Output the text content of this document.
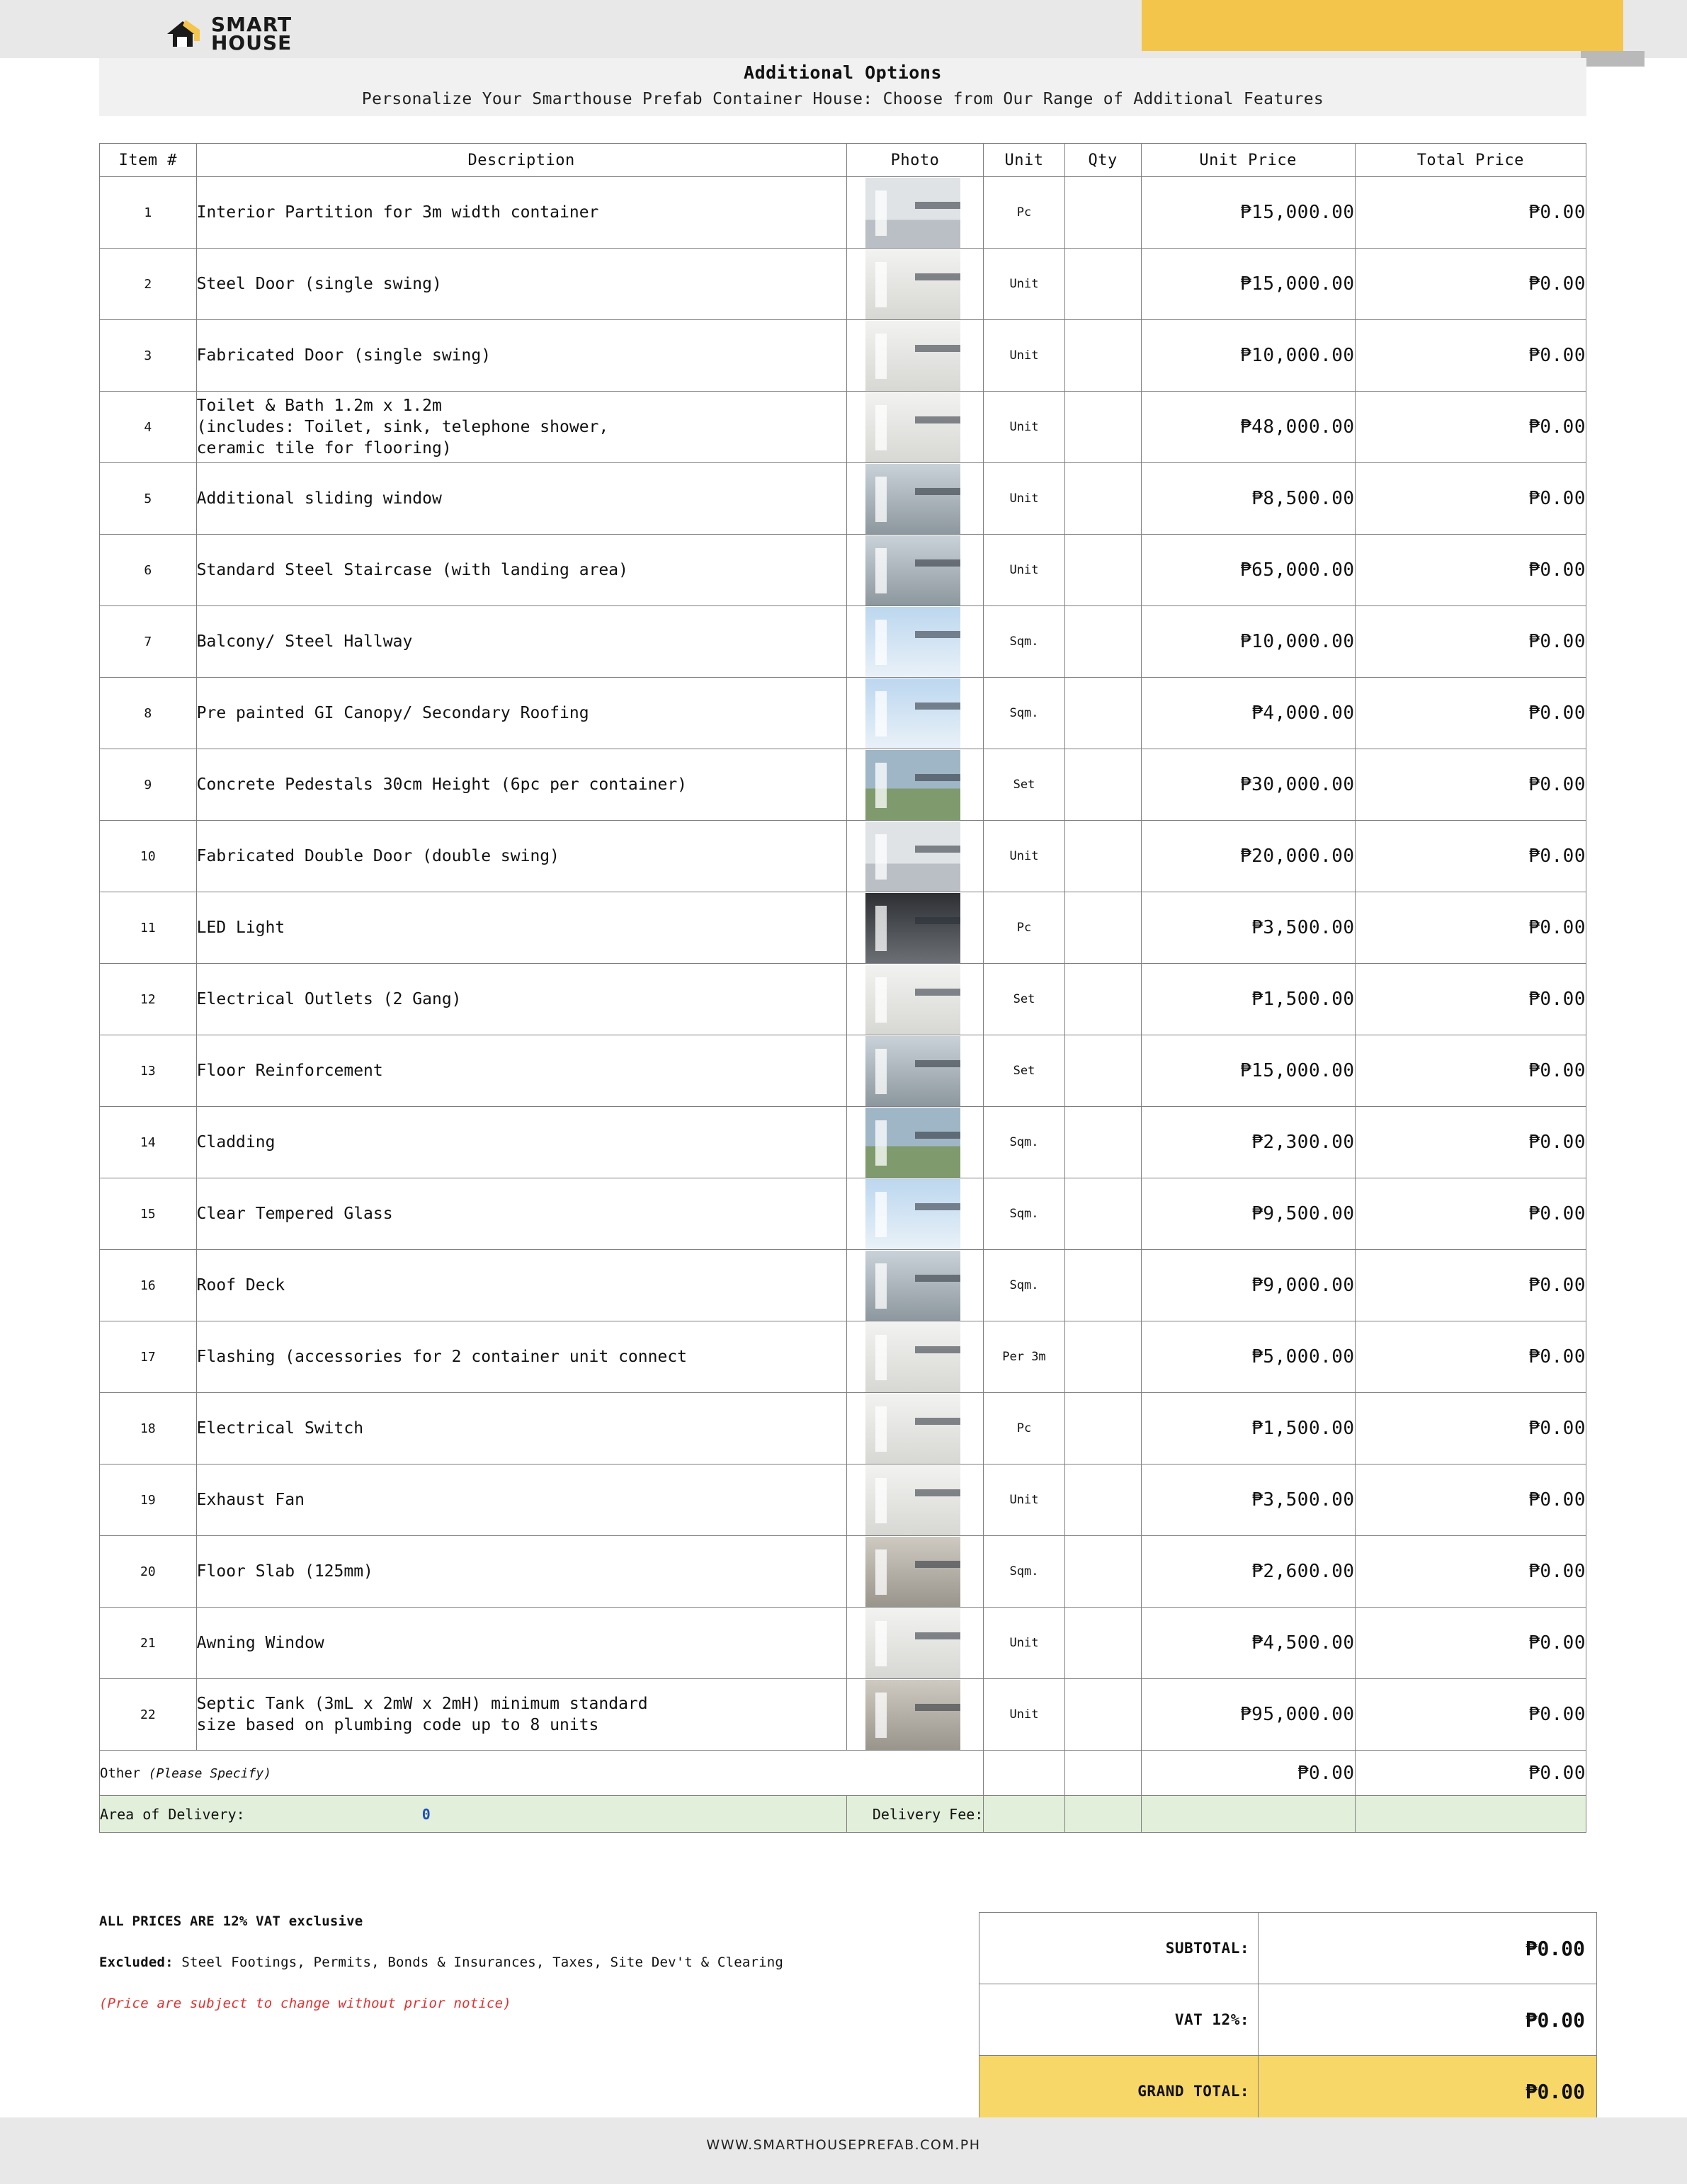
SMART
HOUSE
Additional Options
Personalize Your Smarthouse Prefab Container House: Choose from Our Range of Additional Features
Item #	Description	Photo	Unit	Qty	Unit Price	Total Price
1	Interior Partition for 3m width container		Pc		₱15,000.00	₱0.00
2	Steel Door (single swing)		Unit		₱15,000.00	₱0.00
3	Fabricated Door (single swing)		Unit		₱10,000.00	₱0.00
4	Toilet & Bath 1.2m x 1.2m
(includes: Toilet, sink, telephone shower,
ceramic tile for flooring)		Unit		₱48,000.00	₱0.00
5	Additional sliding window		Unit		₱8,500.00	₱0.00
6	Standard Steel Staircase (with landing area)		Unit		₱65,000.00	₱0.00
7	Balcony/ Steel Hallway		Sqm.		₱10,000.00	₱0.00
8	Pre painted GI Canopy/ Secondary Roofing		Sqm.		₱4,000.00	₱0.00
9	Concrete Pedestals 30cm Height (6pc per container)		Set		₱30,000.00	₱0.00
10	Fabricated Double Door (double swing)		Unit		₱20,000.00	₱0.00
11	LED Light		Pc		₱3,500.00	₱0.00
12	Electrical Outlets (2 Gang)		Set		₱1,500.00	₱0.00
13	Floor Reinforcement		Set		₱15,000.00	₱0.00
14	Cladding		Sqm.		₱2,300.00	₱0.00
15	Clear Tempered Glass		Sqm.		₱9,500.00	₱0.00
16	Roof Deck		Sqm.		₱9,000.00	₱0.00
17	Flashing (accessories for 2 container unit connect		Per 3m		₱5,000.00	₱0.00
18	Electrical Switch		Pc		₱1,500.00	₱0.00
19	Exhaust Fan		Unit		₱3,500.00	₱0.00
20	Floor Slab (125mm)		Sqm.		₱2,600.00	₱0.00
21	Awning Window		Unit		₱4,500.00	₱0.00
22	Septic Tank (3mL x 2mW x 2mH) minimum standard
size based on plumbing code up to 8 units		Unit		₱95,000.00	₱0.00
Other (Please Specify)					₱0.00	₱0.00
Area of Delivery: 0		Delivery Fee:				
ALL PRICES ARE 12% VAT exclusive
Excluded: Steel Footings, Permits, Bonds & Insurances, Taxes, Site Dev't & Clearing
(Price are subject to change without prior notice)
SUBTOTAL:	₱0.00
VAT 12%:	₱0.00
GRAND TOTAL:	₱0.00
WWW.SMARTHOUSEPREFAB.COM.PH
